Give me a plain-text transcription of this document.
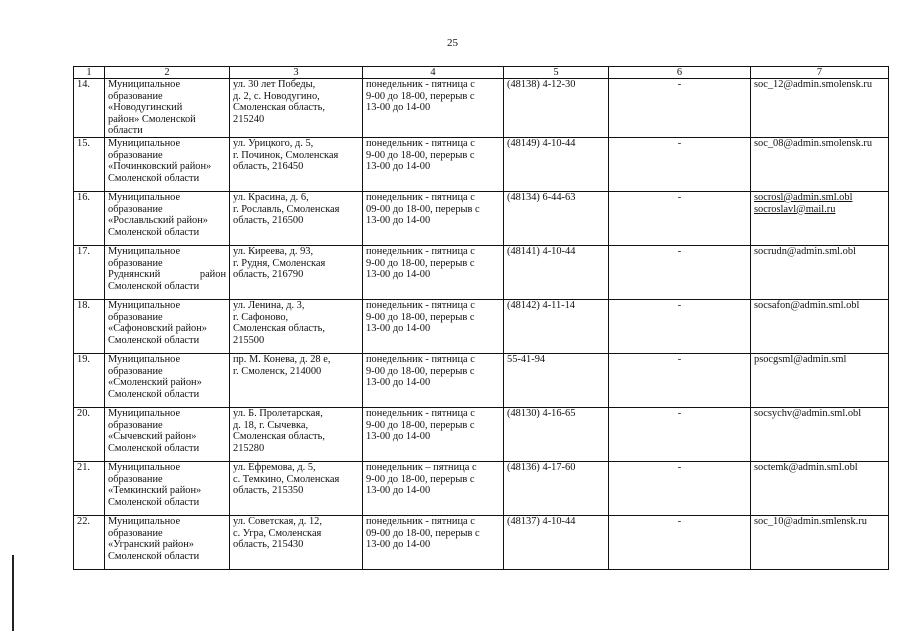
25
1	2	3	4	5	6	7
14.	Муниципальное
образование
«Новодугинский
район» Смоленской
области	ул. 30 лет Победы,
д. 2, с. Новодугино,
Смоленская область,
215240	понедельник - пятница с
9-00 до 18-00, перерыв с
13-00 до 14-00	(48138) 4-12-30	-	soc_12@admin.smolensk.ru

15.	Муниципальное
образование
«Починковский район»
Смоленской области	ул. Урицкого, д. 5,
г. Починок, Смоленская
область, 216450	понедельник - пятница с
9-00 до 18-00, перерыв с
13-00 до 14-00	(48149) 4-10-44	-	soc_08@admin.smolensk.ru

16.	Муниципальное
образование
«Рославльский район»
Смоленской области	ул. Красина, д. 6,
г. Рославль, Смоленская
область, 216500	понедельник - пятница с
09-00 до 18-00, перерыв с
13-00 до 14-00	(48134) 6-44-63	-	socrosl@admin.sml.obl
socroslavl@mail.ru

17.	Муниципальное
образование
Руднянский район
Смоленской области	ул. Киреева, д. 93,
г. Рудня, Смоленская
область, 216790	понедельник - пятница с
9-00 до 18-00, перерыв с
13-00 до 14-00	(48141) 4-10-44	-	socrudn@admin.sml.obl

18.	Муниципальное
образование
«Сафоновский район»
Смоленской области	ул. Ленина, д. 3,
г. Сафоново,
Смоленская область,
215500	понедельник - пятница с
9-00 до 18-00, перерыв с
13-00 до 14-00	(48142) 4-11-14	-	socsafon@admin.sml.obl

19.	Муниципальное
образование
«Смоленский район»
Смоленской области	пр. М. Конева, д. 28 е,
г. Смоленск, 214000	понедельник - пятница с
9-00 до 18-00, перерыв с
13-00 до 14-00	55-41-94	-	psocgsml@admin.sml

20.	Муниципальное
образование
«Сычевский район»
Смоленской области	ул. Б. Пролетарская,
д. 18, г. Сычевка,
Смоленская область,
215280	понедельник - пятница с
9-00 до 18-00, перерыв с
13-00 до 14-00	(48130) 4-16-65	-	socsychv@admin.sml.obl

21.	Муниципальное
образование
«Темкинский район»
Смоленской области	ул. Ефремова, д. 5,
с. Темкино, Смоленская
область, 215350	понедельник – пятница с
9-00 до 18-00, перерыв с
13-00 до 14-00	(48136) 4-17-60	-	soctemk@admin.sml.obl

22.	Муниципальное
образование
«Угранский район»
Смоленской области	ул. Советская, д. 12,
с. Угра, Смоленская
область, 215430	понедельник - пятница с
09-00 до 18-00, перерыв с
13-00 до 14-00	(48137) 4-10-44	-	soc_10@admin.smlensk.ru
